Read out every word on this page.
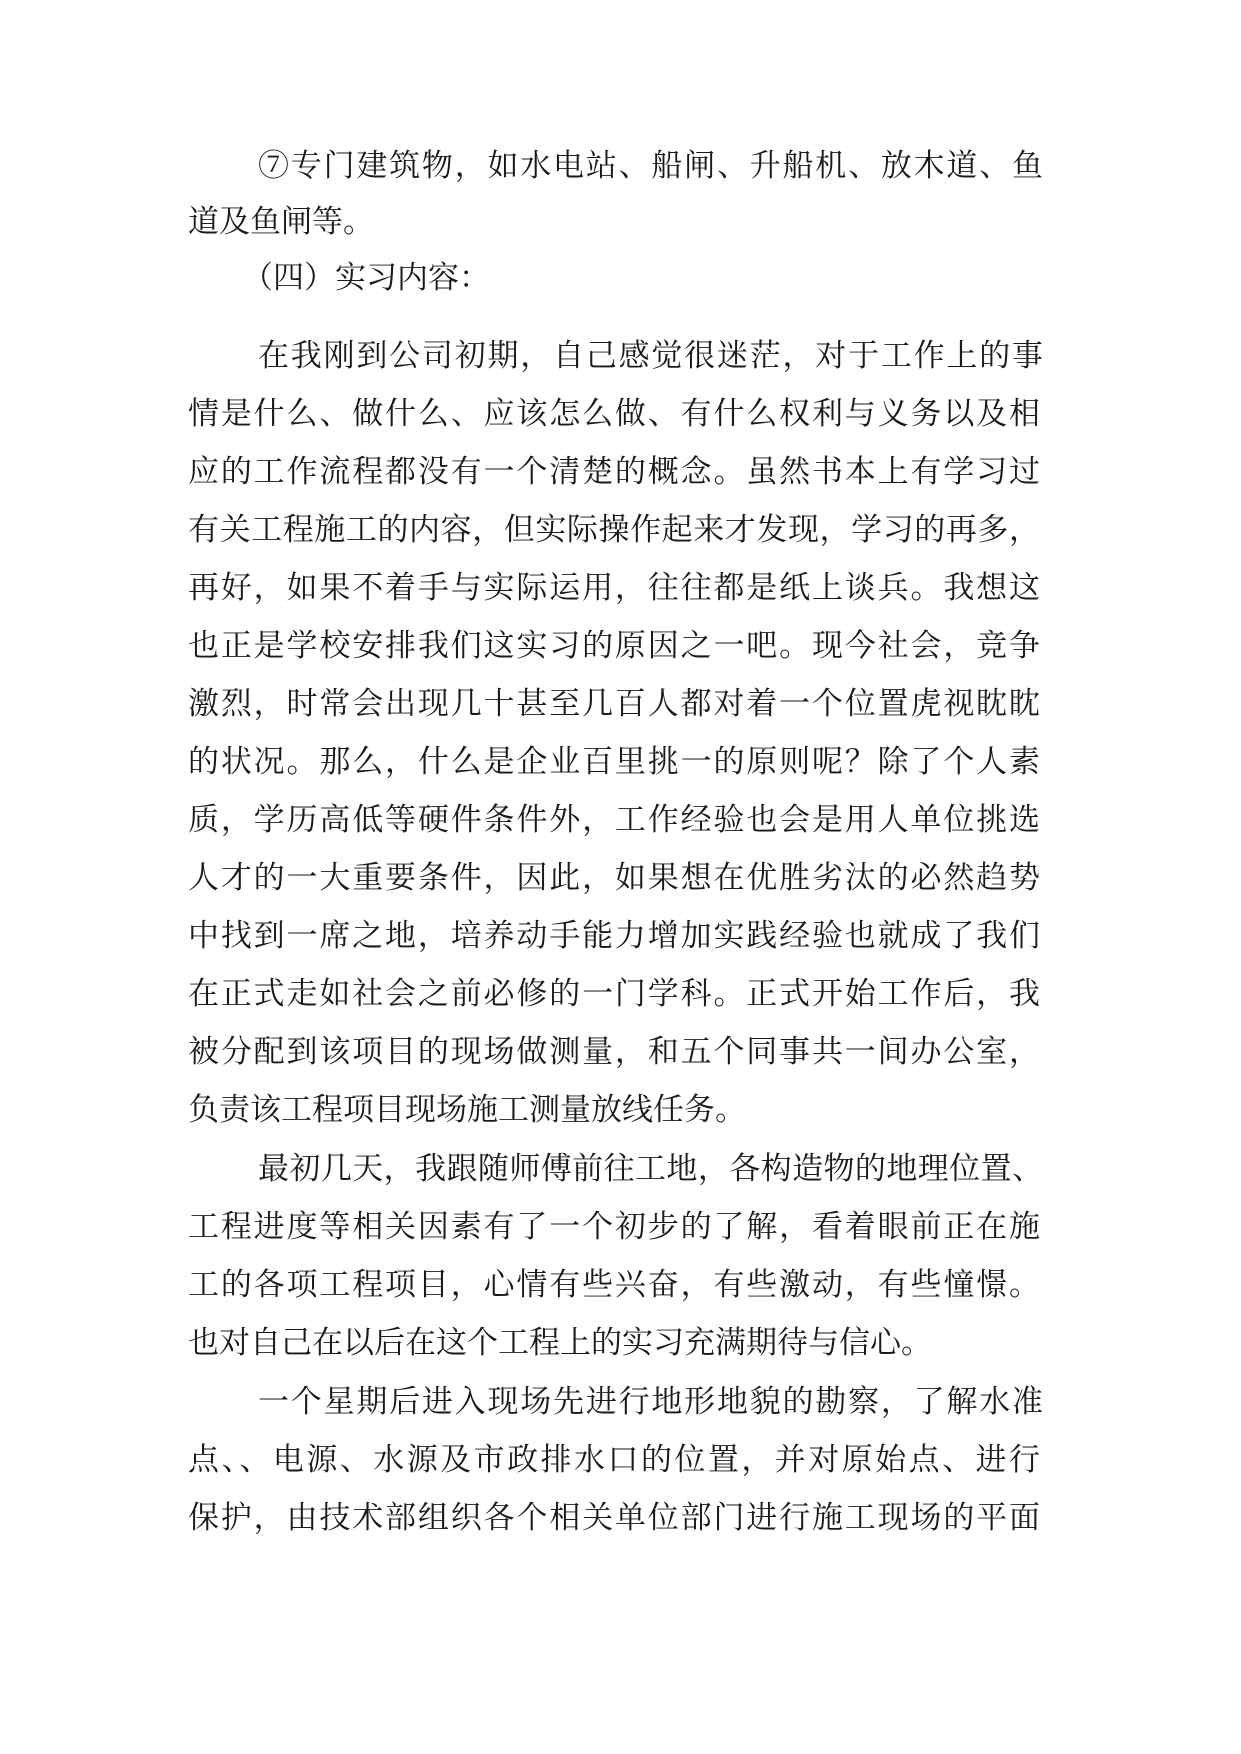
⑦专门建筑物，如水电站、船闸、升船机、放木道、鱼
道及鱼闸等。
（四）实习内容：
在我刚到公司初期，自己感觉很迷茫，对于工作上的事
情是什么、做什么、应该怎么做、有什么权利与义务以及相
应的工作流程都没有一个清楚的概念。虽然书本上有学习过
有关工程施工的内容，但实际操作起来才发现，学习的再多，
再好，如果不着手与实际运用，往往都是纸上谈兵。我想这
也正是学校安排我们这实习的原因之一吧。现今社会，竞争
激烈，时常会出现几十甚至几百人都对着一个位置虎视眈眈
的状况。那么，什么是企业百里挑一的原则呢？除了个人素
质，学历高低等硬件条件外，工作经验也会是用人单位挑选
人才的一大重要条件，因此，如果想在优胜劣汰的必然趋势
中找到一席之地，培养动手能力增加实践经验也就成了我们
在正式走如社会之前必修的一门学科。正式开始工作后，我
被分配到该项目的现场做测量，和五个同事共一间办公室，
负责该工程项目现场施工测量放线任务。
最初几天，我跟随师傅前往工地，各构造物的地理位置、
工程进度等相关因素有了一个初步的了解，看着眼前正在施
工的各项工程项目，心情有些兴奋，有些激动，有些憧憬。
也对自己在以后在这个工程上的实习充满期待与信心。
一个星期后进入现场先进行地形地貌的勘察，了解水准
点、、电源、水源及市政排水口的位置，并对原始点、进行
保护，由技术部组织各个相关单位部门进行施工现场的平面
